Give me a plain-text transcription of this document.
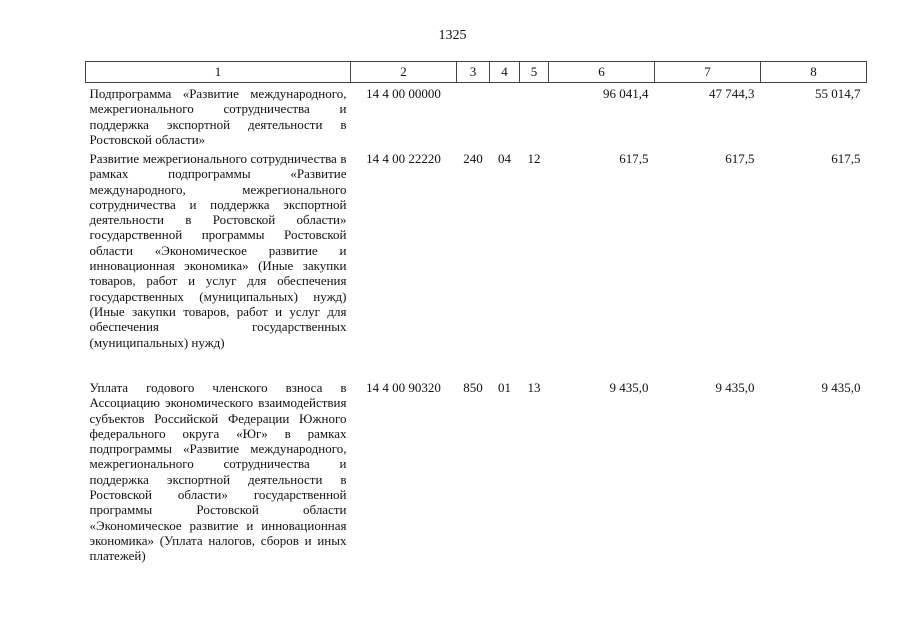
1325
1	2	3	4	5	6	7	8
Подпрограмма «Развитие международного, межрегионального сотрудничества и поддержка экспортной деятельности в Ростовской области»	14 4 00 00000				96 041,4	47 744,3	55 014,7
Развитие межрегионального сотрудничества в рамках подпрограммы «Развитие международного, межрегионального сотрудничества и поддержка экспортной деятельности в Ростовской области» государственной программы Ростовской области «Экономическое развитие и инновационная экономика» (Иные закупки товаров, работ и услуг для обеспечения государственных (муниципальных) нужд) (Иные закупки товаров, работ и услуг для обеспечения государственных (муниципальных) нужд)	14 4 00 22220	240	04	12	617,5	617,5	617,5
Уплата годового членского взноса в Ассоциацию экономического взаимодействия субъектов Российской Федерации Южного федерального округа «Юг» в рамках подпрограммы «Развитие международного, межрегионального сотрудничества и поддержка экспортной деятельности в Ростовской области» государственной программы Ростовской области «Экономическое развитие и инновационная экономика» (Уплата налогов, сборов и иных платежей)	14 4 00 90320	850	01	13	9 435,0	9 435,0	9 435,0
